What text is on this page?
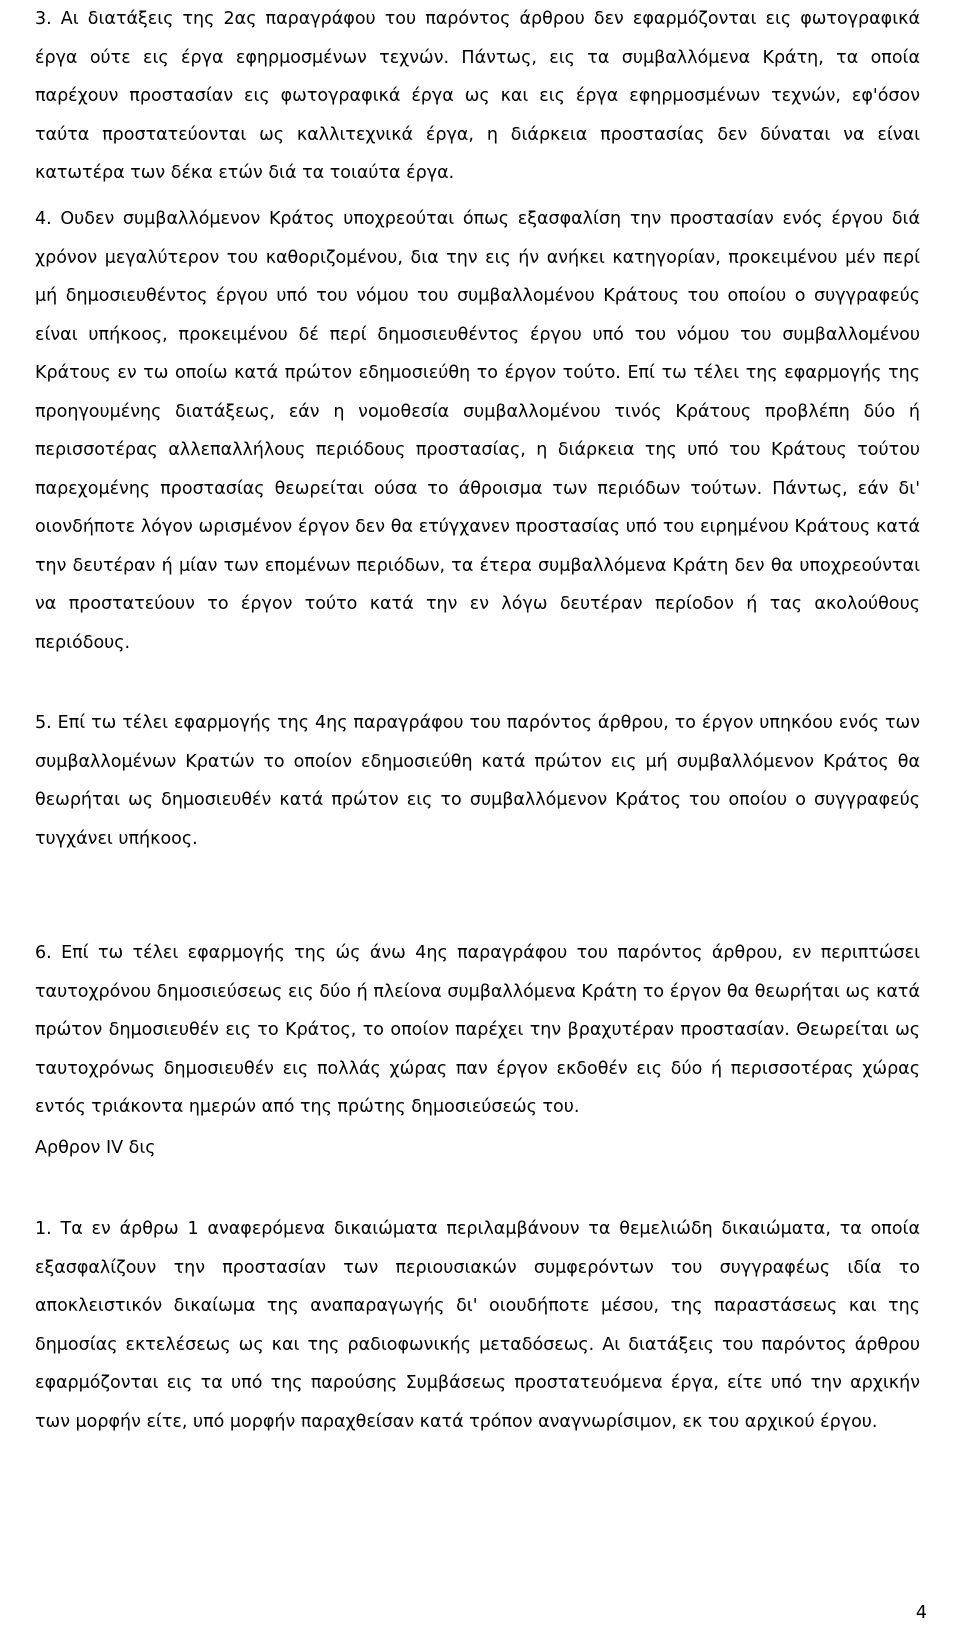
3. Αι διατάξεις της 2ας παραγράφου του παρόντος άρθρου δεν εφαρμόζονται εις φωτογραφικά έργα ούτε εις έργα εφηρμοσμένων τεχνών. Πάντως, εις τα συμβαλλόμενα Κράτη, τα οποία παρέχουν προστασίαν εις φωτογραφικά έργα ως και εις έργα εφηρμοσμένων τεχνών, εφ'όσον ταύτα προστατεύονται ως καλλιτεχνικά έργα, η διάρκεια προστασίας δεν δύναται να είναι κατωτέρα των δέκα ετών διά τα τοιαύτα έργα.

4. Ουδεν συμβαλλόμενον Κράτος υποχρεούται όπως εξασφαλίση την προστασίαν ενός έργου διά χρόνον μεγαλύτερον του καθοριζομένου, δια την εις ήν ανήκει κατηγορίαν, προκειμένου μέν περί μή δημοσιευθέντος έργου υπό του νόμου του συμβαλλομένου Κράτους του οποίου ο συγγραφεύς είναι υπήκοος, προκειμένου δέ περί δημοσιευθέντος έργου υπό του νόμου του συμβαλλομένου Κράτους εν τω οποίω κατά πρώτον εδημοσιεύθη το έργον τούτο. Επί τω τέλει της εφαρμογής της προηγουμένης διατάξεως, εάν η νομοθεσία συμβαλλομένου τινός Κράτους προβλέπη δύο ή περισσοτέρας αλλεπαλλήλους περιόδους προστασίας, η διάρκεια της υπό του Κράτους τούτου παρεχομένης προστασίας θεωρείται ούσα το άθροισμα των περιόδων τούτων. Πάντως, εάν δι' οιονδήποτε λόγον ωρισμένον έργον δεν θα ετύγχανεν προστασίας υπό του ειρημένου Κράτους κατά την δευτέραν ή μίαν των επομένων περιόδων, τα έτερα συμβαλλόμενα Κράτη δεν θα υποχρεούνται να προστατεύουν το έργον τούτο κατά την εν λόγω δευτέραν περίοδον ή τας ακολούθους περιόδους.

5. Επί τω τέλει εφαρμογής της 4ης παραγράφου του παρόντος άρθρου, το έργον υπηκόου ενός των συμβαλλομένων Κρατών το οποίον εδημοσιεύθη κατά πρώτον εις μή συμβαλλόμενον Κράτος θα θεωρήται ως δημοσιευθέν κατά πρώτον εις το συμβαλλόμενον Κράτος του οποίου ο συγγραφεύς τυγχάνει υπήκοος.

6. Επί τω τέλει εφαρμογής της ώς άνω 4ης παραγράφου του παρόντος άρθρου, εν περιπτώσει ταυτοχρόνου δημοσιεύσεως εις δύο ή πλείονα συμβαλλόμενα Κράτη το έργον θα θεωρήται ως κατά πρώτον δημοσιευθέν εις το Κράτος, το οποίον παρέχει την βραχυτέραν προστασίαν. Θεωρείται ως ταυτοχρόνως δημοσιευθέν εις πολλάς χώρας παν έργον εκδοθέν εις δύο ή περισσοτέρας χώρας εντός τριάκοντα ημερών από της πρώτης δημοσιεύσεώς του.

Αρθρον IV δις

1. Τα εν άρθρω 1 αναφερόμενα δικαιώματα περιλαμβάνουν τα θεμελιώδη δικαιώματα, τα οποία εξασφαλίζουν την προστασίαν των περιουσιακών συμφερόντων του συγγραφέως ιδία το αποκλειστικόν δικαίωμα της αναπαραγωγής δι' οιουδήποτε μέσου, της παραστάσεως και της δημοσίας εκτελέσεως ως και της ραδιοφωνικής μεταδόσεως. Αι διατάξεις του παρόντος άρθρου εφαρμόζονται εις τα υπό της παρούσης Συμβάσεως προστατευόμενα έργα, είτε υπό την αρχικήν των μορφήν είτε, υπό μορφήν παραχθείσαν κατά τρόπον αναγνωρίσιμον, εκ του αρχικού έργου.

4
